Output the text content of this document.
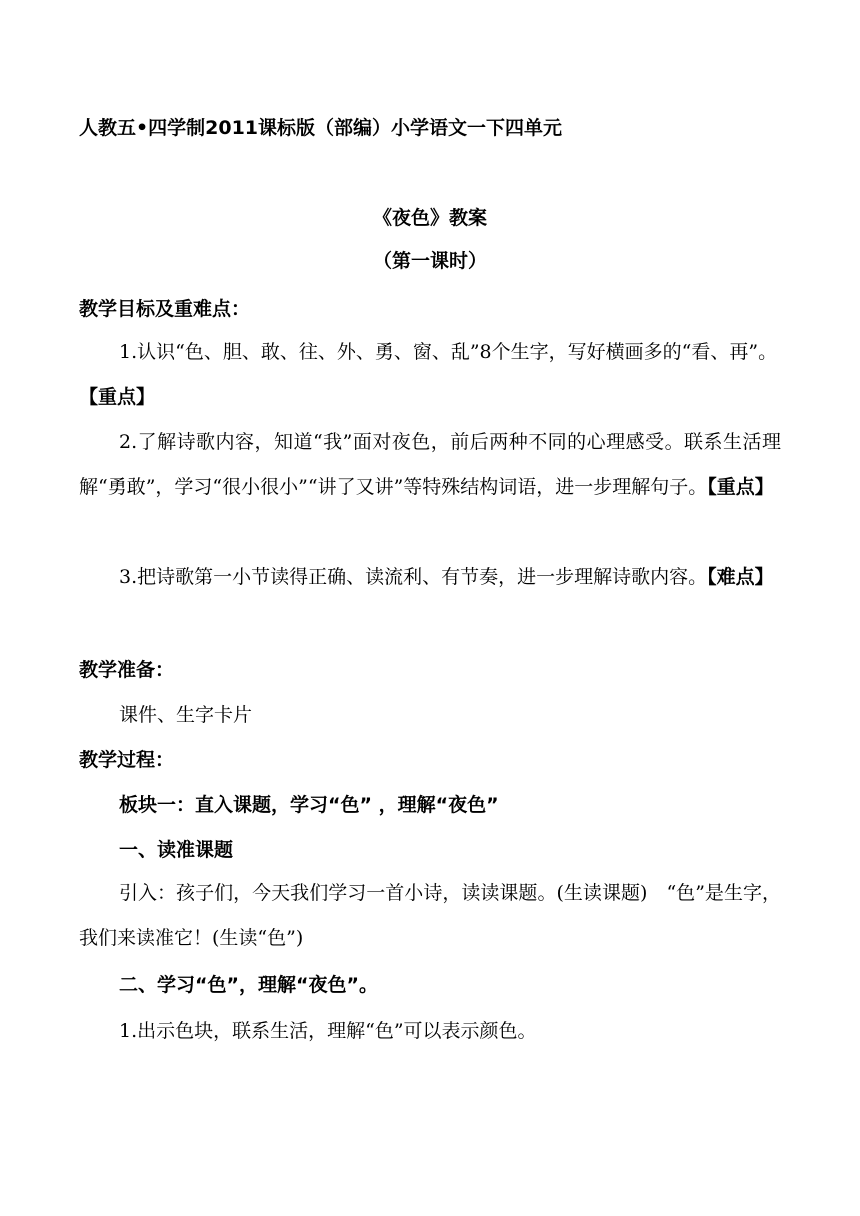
人教五•四学制2011课标版（部编）小学语文一下四单元
《夜色》教案
（第一课时）
教学目标及重难点：
1.认识“色、胆、敢、往、外、勇、窗、乱”8个生字，写好横画多的“看、再”。　 【重点】
2.了解诗歌内容，知道“我”面对夜色，前后两种不同的心理感受。联系生活理解“勇敢”，学习“很小很小”“讲了又讲”等特殊结构词语，进一步理解句子。【重点】
3.把诗歌第一小节读得正确、读流利、有节奏，进一步理解诗歌内容。【难点】
教学准备：
课件、生字卡片
教学过程：
板块一：直入课题，学习“色” ，理解“夜色”
一、读准课题
引入：孩子们，今天我们学习一首小诗，读读课题。(生读课题)　“色”是生字，我们来读准它！(生读“色”)
二、学习“色”，理解“夜色”。
1.出示色块，联系生活，理解“色”可以表示颜色。
